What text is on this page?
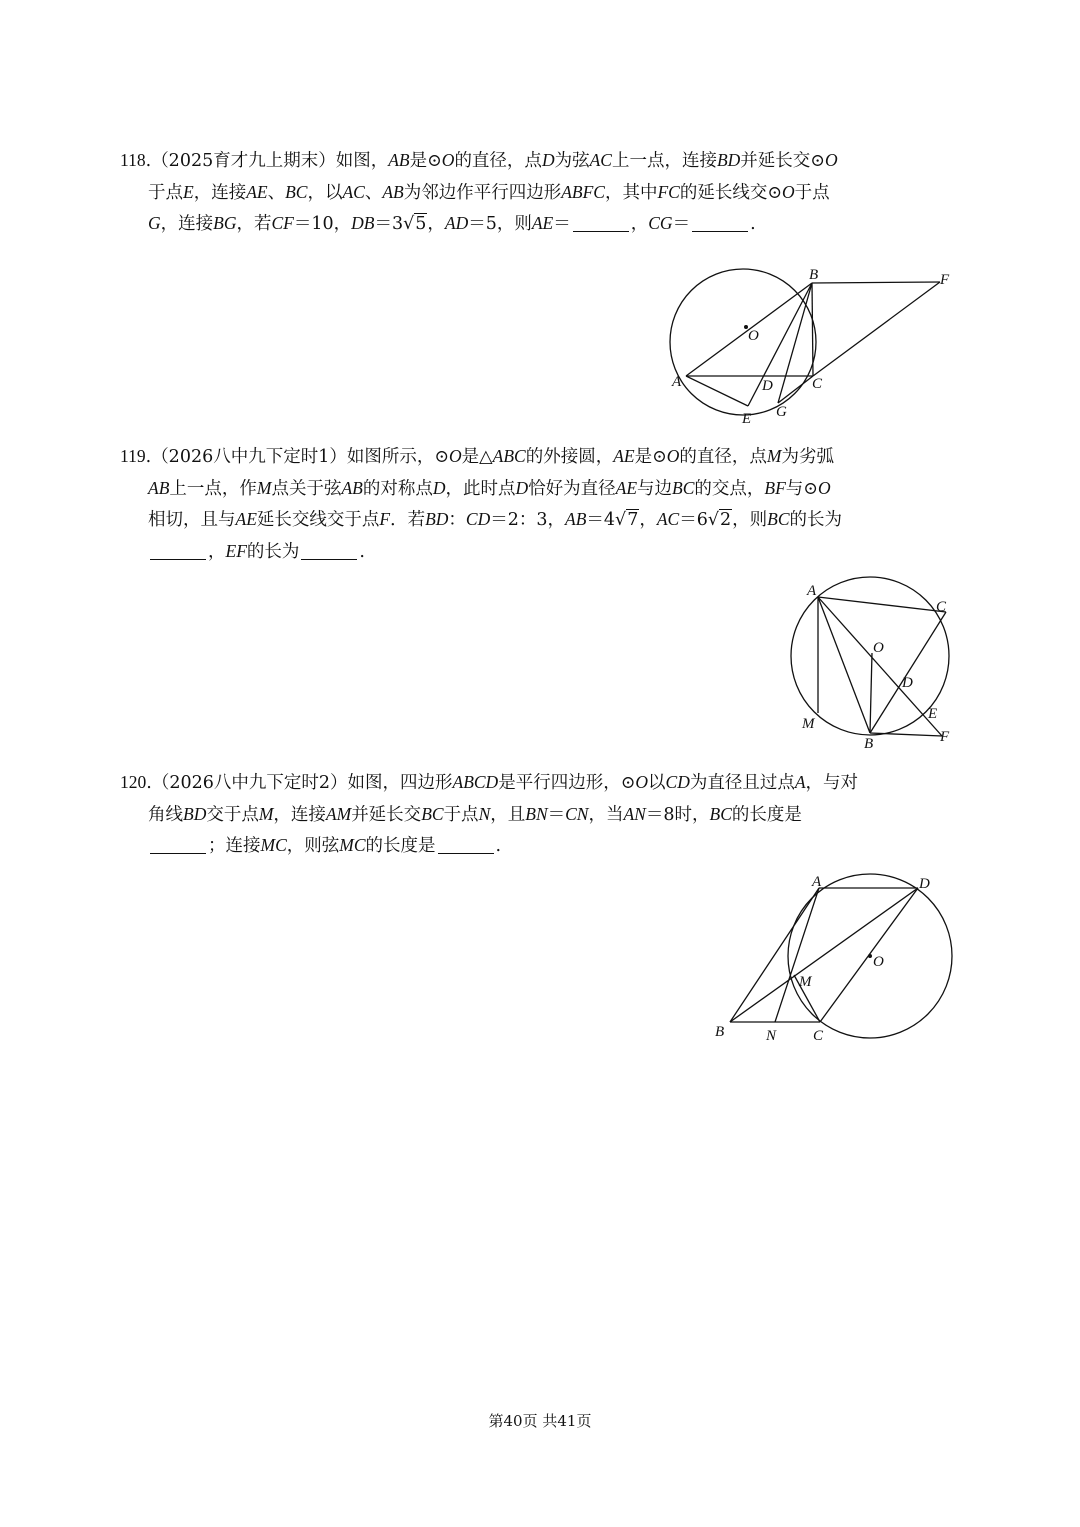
118.（2025育才九上期末）如图，AB是⊙O的直径，点D为弦AC上一点，连接BD并延长交⊙O
于点E，连接AE、BC，以AC、AB为邻边作平行四边形ABFC，其中FC的延长线交⊙O于点
G，连接BG，若CF＝10，DB＝3√5，AD＝5，则AE＝	，CG＝	.
B	F
O
A	D	C
E G
A
C
O
D
E
M
B	F
A	D
O
M
B	N C
119.（2026八中九下定时1）如图所示，⊙O是△ABC的外接圆，AE是⊙O的直径，点M为劣弧
AB上一点，作M点关于弦AB的对称点D，此时点D恰好为直径AE与边BC的交点，BF与⊙O
相切，且与AE延长交线交于点F．若BD：CD＝2：3，AB＝4√7，AC＝6√2，则BC的长为
，EF的长为	.
120.（2026八中九下定时2）如图，四边形ABCD是平行四边形，⊙O以CD为直径且过点A，与对
角线BD交于点M，连接AM并延长交BC于点N，且BN＝CN，当AN＝8时，BC的长度是
；连接MC，则弦MC的长度是	.
第40页 共41页
